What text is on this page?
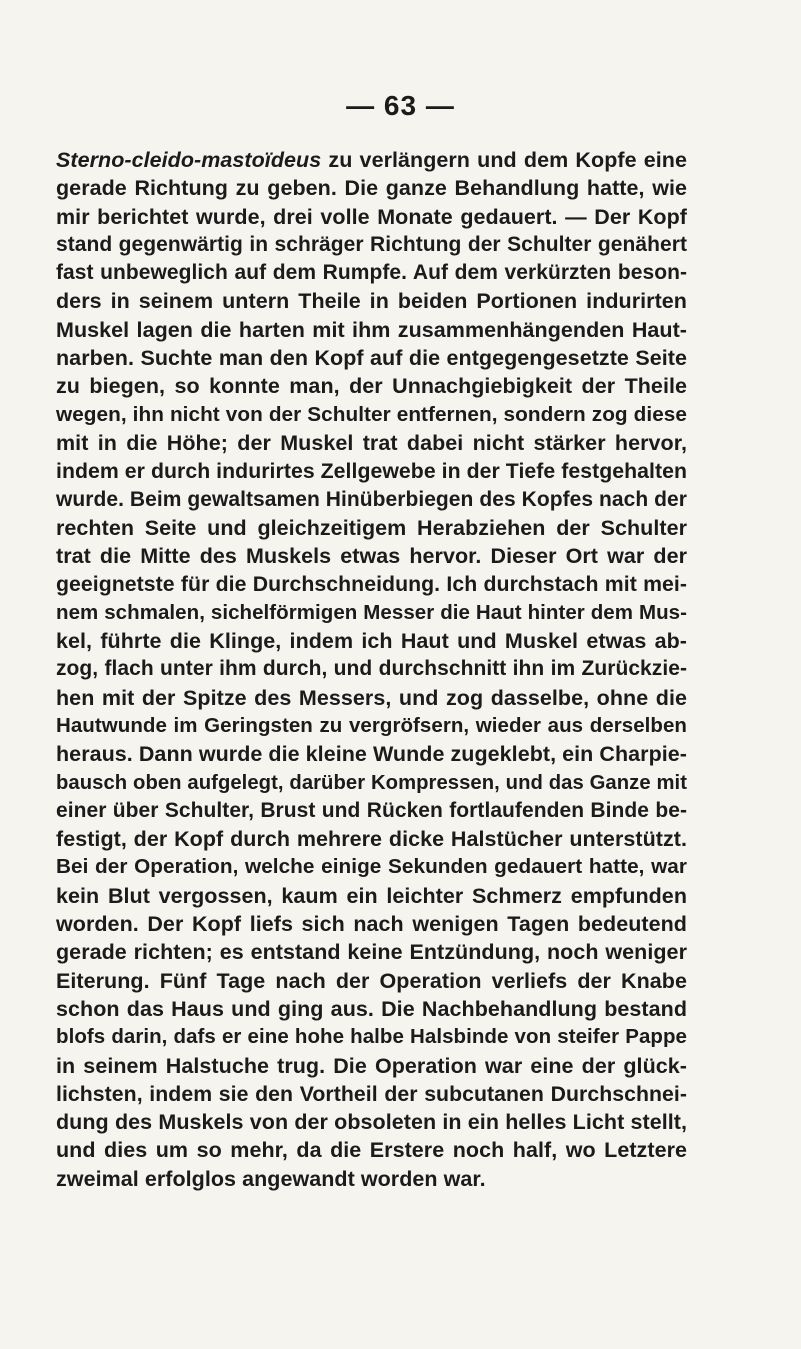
— 63 —
Sterno-cleido-mastoïdeus zu verlängern und dem Kopfe eine
gerade Richtung zu geben. Die ganze Behandlung hatte, wie
mir berichtet wurde, drei volle Monate gedauert. — Der Kopf
stand gegenwärtig in schräger Richtung der Schulter genähert
fast unbeweglich auf dem Rumpfe. Auf dem verkürzten beson-
ders in seinem untern Theile in beiden Portionen indurirten
Muskel lagen die harten mit ihm zusammenhängenden Haut-
narben. Suchte man den Kopf auf die entgegengesetzte Seite
zu biegen, so konnte man, der Unnachgiebigkeit der Theile
wegen, ihn nicht von der Schulter entfernen, sondern zog diese
mit in die Höhe; der Muskel trat dabei nicht stärker hervor,
indem er durch indurirtes Zellgewebe in der Tiefe festgehalten
wurde. Beim gewaltsamen Hinüberbiegen des Kopfes nach der
rechten Seite und gleichzeitigem Herabziehen der Schulter
trat die Mitte des Muskels etwas hervor. Dieser Ort war der
geeignetste für die Durchschneidung. Ich durchstach mit mei-
nem schmalen, sichelförmigen Messer die Haut hinter dem Mus-
kel, führte die Klinge, indem ich Haut und Muskel etwas ab-
zog, flach unter ihm durch, und durchschnitt ihn im Zurückzie-
hen mit der Spitze des Messers, und zog dasselbe, ohne die
Hautwunde im Geringsten zu vergröfsern, wieder aus derselben
heraus. Dann wurde die kleine Wunde zugeklebt, ein Charpie-
bausch oben aufgelegt, darüber Kompressen, und das Ganze mit
einer über Schulter, Brust und Rücken fortlaufenden Binde be-
festigt, der Kopf durch mehrere dicke Halstücher unterstützt.
Bei der Operation, welche einige Sekunden gedauert hatte, war
kein Blut vergossen, kaum ein leichter Schmerz empfunden
worden. Der Kopf liefs sich nach wenigen Tagen bedeutend
gerade richten; es entstand keine Entzündung, noch weniger
Eiterung. Fünf Tage nach der Operation verliefs der Knabe
schon das Haus und ging aus. Die Nachbehandlung bestand
blofs darin, dafs er eine hohe halbe Halsbinde von steifer Pappe
in seinem Halstuche trug. Die Operation war eine der glück-
lichsten, indem sie den Vortheil der subcutanen Durchschnei-
dung des Muskels von der obsoleten in ein helles Licht stellt,
und dies um so mehr, da die Erstere noch half, wo Letztere
zweimal erfolglos angewandt worden war.
